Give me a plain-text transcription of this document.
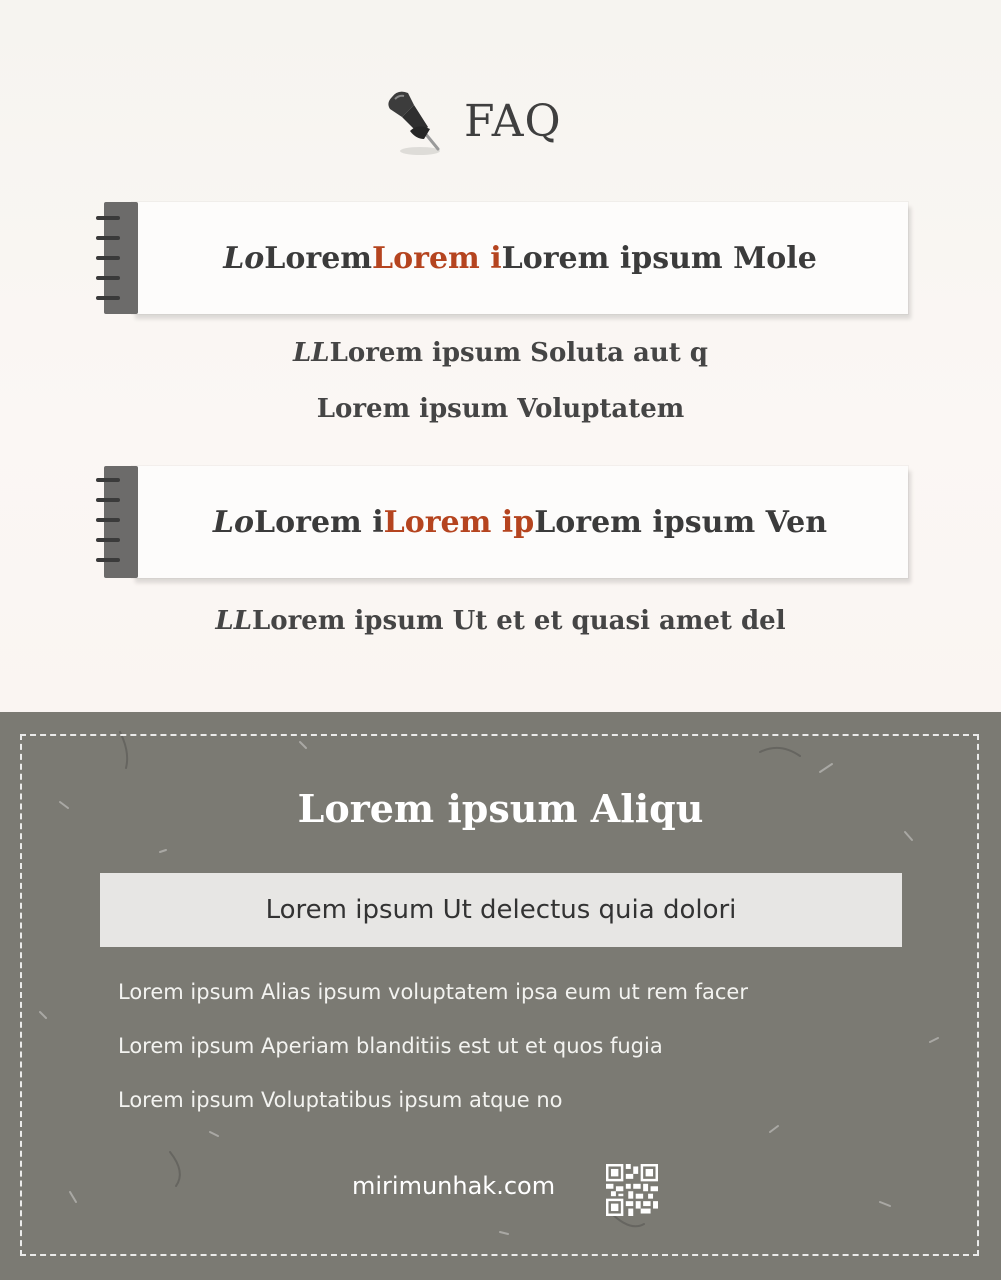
FAQ
Lo Lorem Lorem i Lorem ipsum Mole
LLLorem ipsum Soluta aut q
Lorem ipsum Voluptatem
Lo Lorem i Lorem ip Lorem ipsum Ven
LLLorem ipsum Ut et et quasi amet del
Lorem ipsum Aliqu
Lorem ipsum Ut delectus quia dolori
Lorem ipsum Alias ipsum voluptatem ipsa eum ut rem facer
Lorem ipsum Aperiam blanditiis est ut et quos fugia
Lorem ipsum Voluptatibus ipsum atque no
mirimunhak.com
